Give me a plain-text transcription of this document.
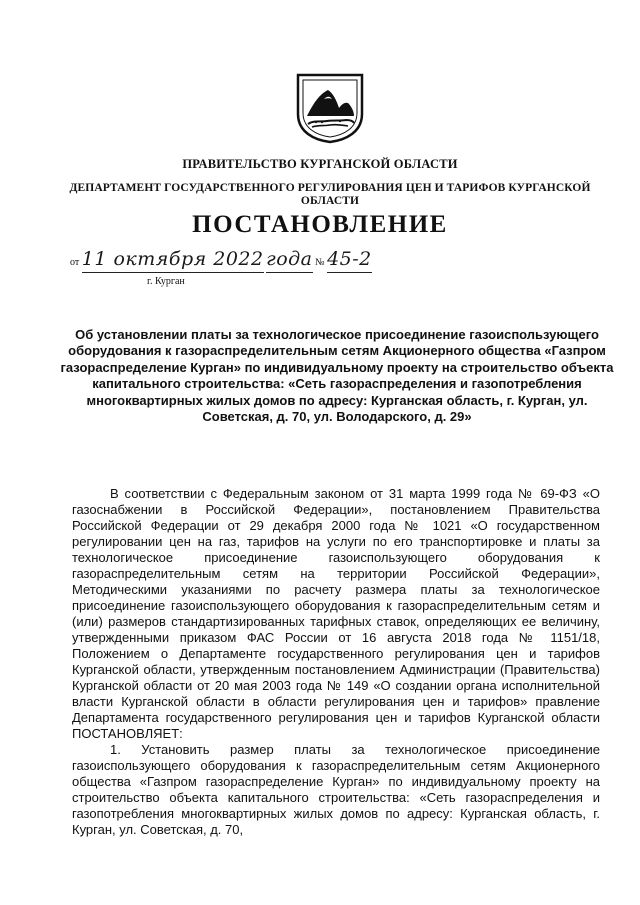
ПРАВИТЕЛЬСТВО КУРГАНСКОЙ ОБЛАСТИ
ДЕПАРТАМЕНТ ГОСУДАРСТВЕННОГО РЕГУЛИРОВАНИЯ ЦЕН И ТАРИФОВ КУРГАНСКОЙ ОБЛАСТИ
ПОСТАНОВЛЕНИЕ
от 11 октября 2022 года № 45-2
г. Курган
Об установлении платы за технологическое присоединение газоиспользующего оборудования к газораспределительным сетям Акционерного общества «Газпром газораспределение Курган» по индивидуальному проекту на строительство объекта капитального строительства: «Сеть газораспределения и газопотребления многоквартирных жилых домов по адресу: Курганская область, г. Курган, ул. Советская, д. 70, ул. Володарского, д. 29»

В соответствии с Федеральным законом от 31 марта 1999 года № 69-ФЗ «О газоснабжении в Российской Федерации», постановлением Правительства Российской Федерации от 29 декабря 2000 года № 1021 «О государственном регулировании цен на газ, тарифов на услуги по его транспортировке и платы за технологическое присоединение газоиспользующего оборудования к газораспределительным сетям на территории Российской Федерации», Методическими указаниями по расчету размера платы за технологическое присоединение газоиспользующего оборудования к газораспределительным сетям и (или) размеров стандартизированных тарифных ставок, определяющих ее величину, утвержденными приказом ФАС России от 16 августа 2018 года № 1151/18, Положением о Департаменте государственного регулирования цен и тарифов Курганской области, утвержденным постановлением Администрации (Правительства) Курганской области от 20 мая 2003 года № 149 «О создании органа исполнительной власти Курганской области в области регулирования цен и тарифов» правление Департамента государственного регулирования цен и тарифов Курганской области ПОСТАНОВЛЯЕТ:

1. Установить размер платы за технологическое присоединение газоиспользующего оборудования к газораспределительным сетям Акционерного общества «Газпром газораспределение Курган» по индивидуальному проекту на строительство объекта капитального строительства: «Сеть газораспределения и газопотребления многоквартирных жилых домов по адресу: Курганская область, г. Курган, ул. Советская, д. 70,
